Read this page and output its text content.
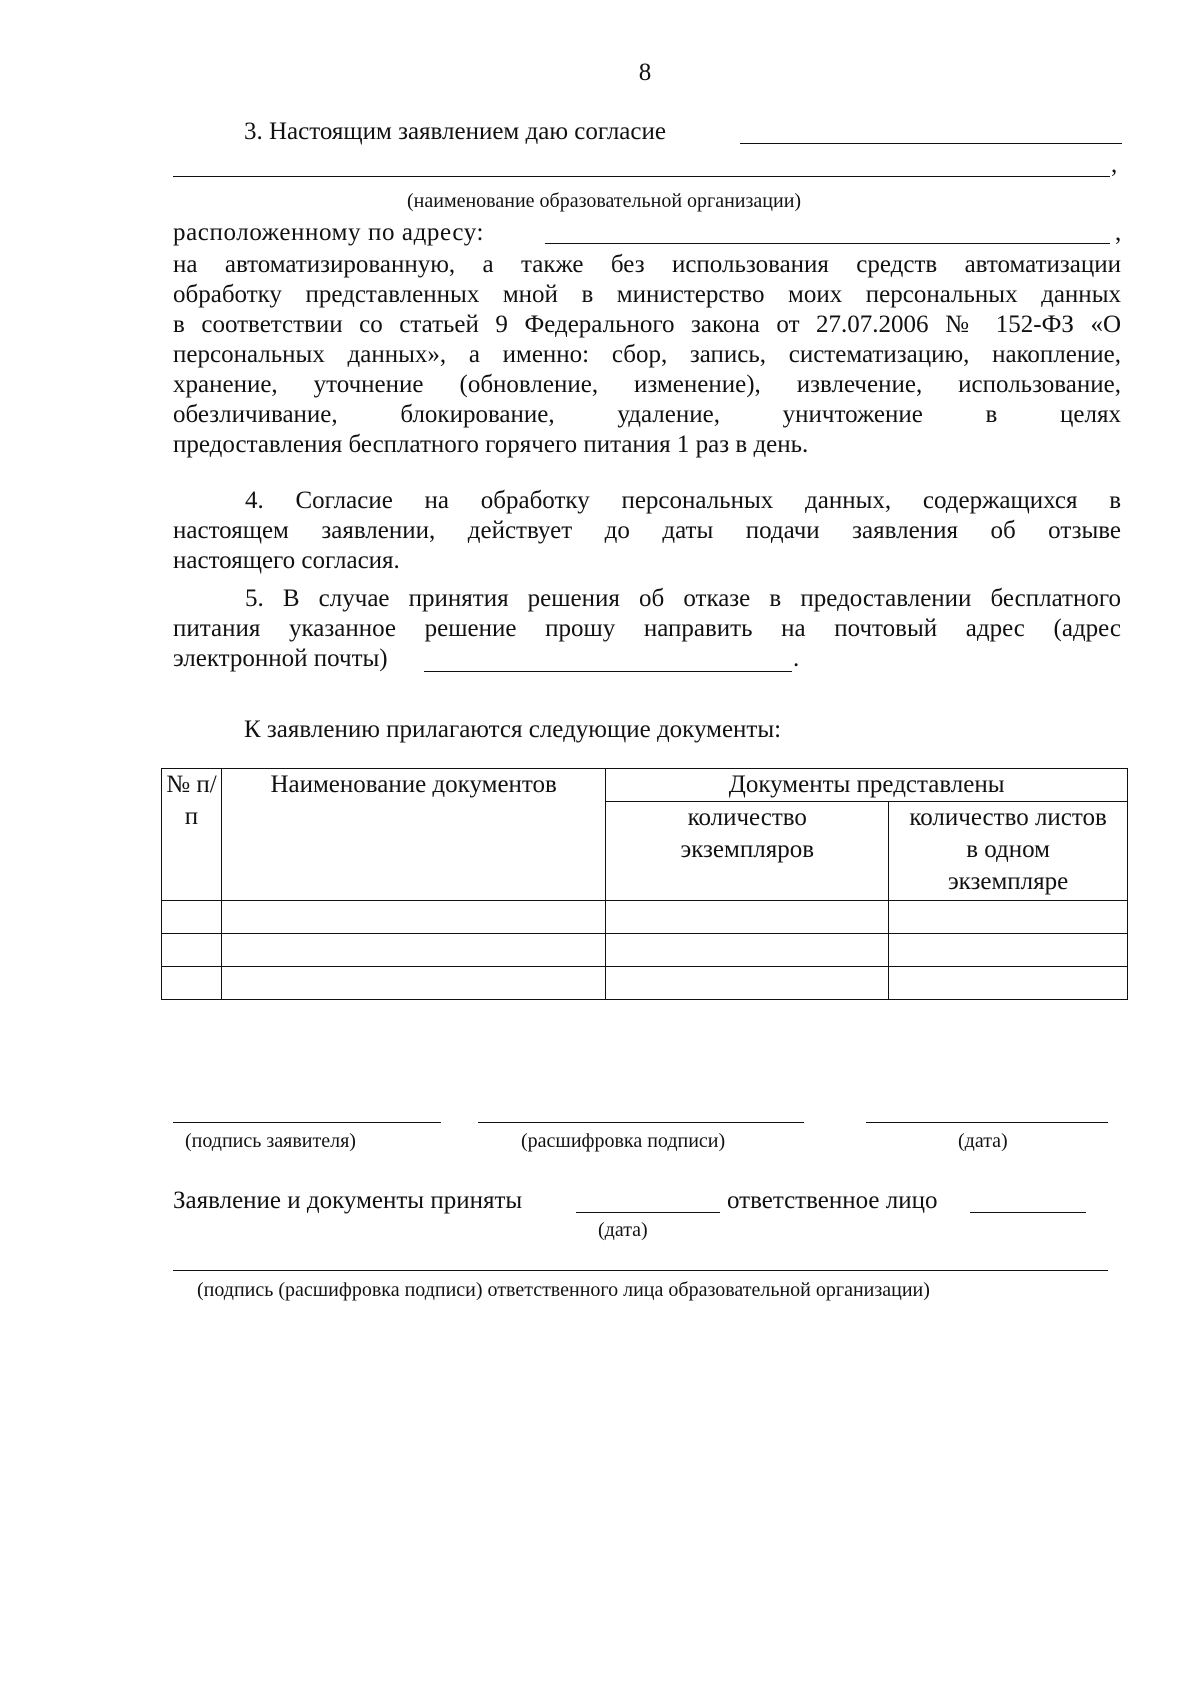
8
3. Настоящим заявлением даю согласие
,
(наименование образовательной организации)
расположенному по адресу:	,
на автоматизированную, а также без использования средств автоматизации
обработку представленных мной в министерство моих персональных данных
в соответствии со статьей 9 Федерального закона от 27.07.2006 № 152-ФЗ «О
персональных данных», а именно: сбор, запись, систематизацию, накопление,
хранение, уточнение (обновление, изменение), извлечение, использование,
обезличивание, блокирование, удаление, уничтожение в целях
предоставления бесплатного горячего питания 1 раз в день.
4. Согласие на обработку персональных данных, содержащихся в
настоящем заявлении, действует до даты подачи заявления об отзыве
настоящего согласия.
5. В случае принятия решения об отказе в предоставлении бесплатного
питания указанное решение прошу направить на почтовый адрес (адрес
электронной почты)	.
К заявлению прилагаются следующие документы:
№ п/п	Наименование документов	Документы представлены	
		количество экземпляров	количество листов в одном экземпляре

(подпись заявителя)	(расшифровка подписи)	(дата)
Заявление и документы приняты	ответственное лицо
(дата)
(подпись (расшифровка подписи) ответственного лица образовательной организации)
